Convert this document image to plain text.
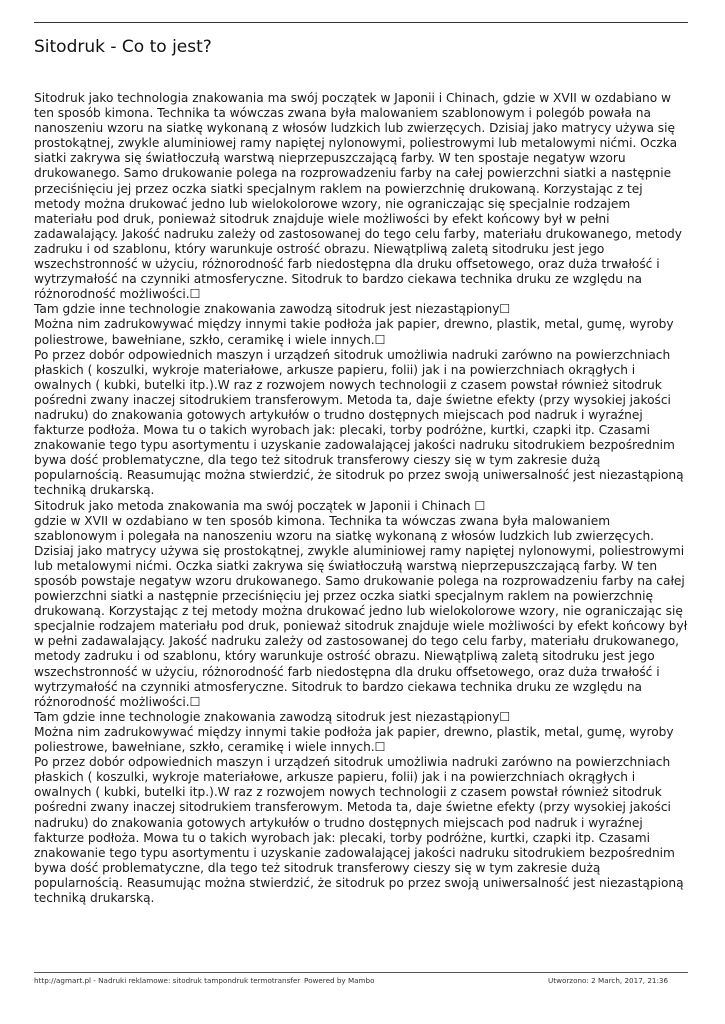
Sitodruk - Co to jest?

Sitodruk jako technologia znakowania ma swój początek w Japonii i Chinach, gdzie w XVII w ozdabiano w ten sposób kimona. Technika ta wówczas zwana była malowaniem szablonowym i polegób powała na nanoszeniu wzoru na siatkę wykonaną z włosów ludzkich lub zwierzęcych. Dzisiaj jako matrycy używa się prostokątnej, zwykle aluminiowej ramy napiętej nylonowymi, poliestrowymi lub metalowymi nićmi. Oczka siatki zakrywa się światłoczułą warstwą nieprzepuszczającą farby. W ten spostaje negatyw wzoru drukowanego. Samo drukowanie polega na rozprowadzeniu farby na całej powierzchni siatki a następnie przeciśnięciu jej przez oczka siatki specjalnym raklem na powierzchnię drukowaną. Korzystając z tej metody można drukować jedno lub wielokolorowe wzory, nie ograniczając się specjalnie rodzajem materiału pod druk, ponieważ sitodruk znajduje wiele możliwości by efekt końcowy był w pełni zadawalający. Jakość nadruku zależy od zastosowanej do tego celu farby, materiału drukowanego, metody zadruku i od szablonu, który warunkuje ostrość obrazu. Niewątpliwą zaletą sitodruku jest jego wszechstronność w użyciu, różnorodność farb niedostępna dla druku offsetowego, oraz duża trwałość i wytrzymałość na czynniki atmosferyczne. Sitodruk to bardzo ciekawa technika druku ze względu na różnorodność możliwości.☐

Tam gdzie inne technologie znakowania zawodzą sitodruk jest niezastąpiony☐

Można nim zadrukowywać między innymi takie podłoża jak papier, drewno, plastik, metal, gumę, wyroby poliestrowe, bawełniane, szkło, ceramikę i wiele innych.☐

Po przez dobór odpowiednich maszyn i urządzeń sitodruk umożliwia nadruki zarówno na powierzchniach płaskich ( koszulki, wykroje materiałowe, arkusze papieru, folii) jak i na powierzchniach okrągłych i owalnych ( kubki, butelki itp.).W raz z rozwojem nowych technologii z czasem powstał również sitodruk pośredni zwany inaczej sitodrukiem transferowym. Metoda ta, daje świetne efekty (przy wysokiej jakości nadruku) do znakowania gotowych artykułów o trudno dostępnych miejscach pod nadruk i wyraźnej fakturze podłoża. Mowa tu o takich wyrobach jak: plecaki, torby podróżne, kurtki, czapki itp. Czasami znakowanie tego typu asortymentu i uzyskanie zadowalającej jakości nadruku sitodrukiem bezpośrednim bywa dość problematyczne, dla tego też sitodruk transferowy cieszy się w tym zakresie dużą popularnością. Reasumując można stwierdzić, że sitodruk po przez swoją uniwersalność jest niezastąpioną techniką drukarską.

Sitodruk jako metoda znakowania ma swój początek w Japonii i Chinach ☐

gdzie w XVII w ozdabiano w ten sposób kimona. Technika ta wówczas zwana była malowaniem szablonowym i polegała na nanoszeniu wzoru na siatkę wykonaną z włosów ludzkich lub zwierzęcych. Dzisiaj jako matrycy używa się prostokątnej, zwykle aluminiowej ramy napiętej nylonowymi, poliestrowymi lub metalowymi nićmi. Oczka siatki zakrywa się światłoczułą warstwą nieprzepuszczającą farby. W ten sposób powstaje negatyw wzoru drukowanego. Samo drukowanie polega na rozprowadzeniu farby na całej powierzchni siatki a następnie przeciśnięciu jej przez oczka siatki specjalnym raklem na powierzchnię drukowaną. Korzystając z tej metody można drukować jedno lub wielokolorowe wzory, nie ograniczając się specjalnie rodzajem materiału pod druk, ponieważ sitodruk znajduje wiele możliwości by efekt końcowy był w pełni zadawalający. Jakość nadruku zależy od zastosowanej do tego celu farby, materiału drukowanego, metody zadruku i od szablonu, który warunkuje ostrość obrazu. Niewątpliwą zaletą sitodruku jest jego wszechstronność w użyciu, różnorodność farb niedostępna dla druku offsetowego, oraz duża trwałość i wytrzymałość na czynniki atmosferyczne. Sitodruk to bardzo ciekawa technika druku ze względu na różnorodność możliwości.☐

Tam gdzie inne technologie znakowania zawodzą sitodruk jest niezastąpiony☐

Można nim zadrukowywać między innymi takie podłoża jak papier, drewno, plastik, metal, gumę, wyroby poliestrowe, bawełniane, szkło, ceramikę i wiele innych.☐

Po przez dobór odpowiednich maszyn i urządzeń sitodruk umożliwia nadruki zarówno na powierzchniach płaskich ( koszulki, wykroje materiałowe, arkusze papieru, folii) jak i na powierzchniach okrągłych i owalnych ( kubki, butelki itp.).W raz z rozwojem nowych technologii z czasem powstał również sitodruk pośredni zwany inaczej sitodrukiem transferowym. Metoda ta, daje świetne efekty (przy wysokiej jakości nadruku) do znakowania gotowych artykułów o trudno dostępnych miejscach pod nadruk i wyraźnej fakturze podłoża. Mowa tu o takich wyrobach jak: plecaki, torby podróżne, kurtki, czapki itp. Czasami znakowanie tego typu asortymentu i uzyskanie zadowalającej jakości nadruku sitodrukiem bezpośrednim bywa dość problematyczne, dla tego też sitodruk transferowy cieszy się w tym zakresie dużą popularnością. Reasumując można stwierdzić, że sitodruk po przez swoją uniwersalność jest niezastąpioną techniką drukarską.

http://agmart.pl - Nadruki reklamowe: sitodruk tampondruk termotransfer Powered by Mambo	Utworzono: 2 March, 2017, 21:36
